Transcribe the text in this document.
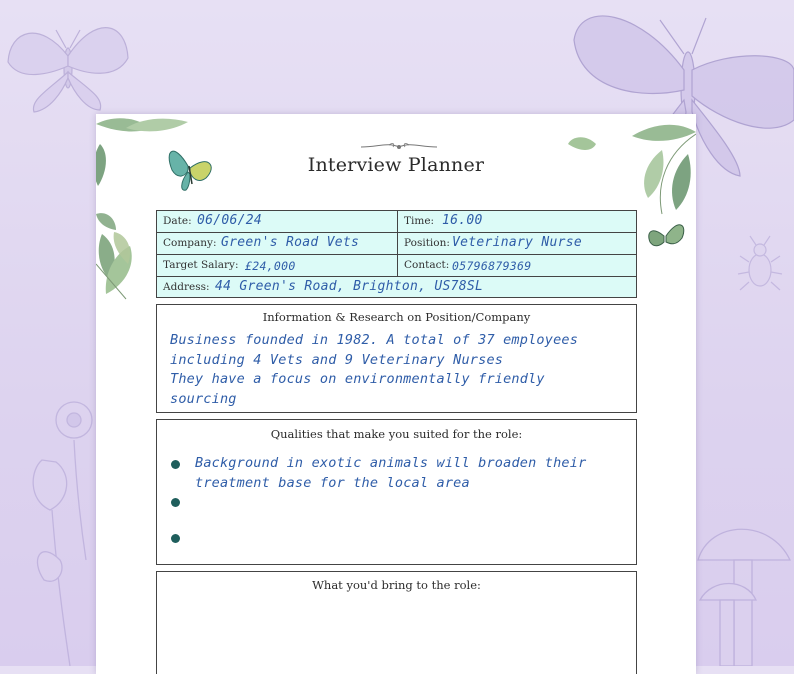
Interview Planner
Date: 06/06/24	Time: 16.00
Company: Green's Road Vets	Position: Veterinary Nurse
Target Salary: £24,000	Contact: 05796879369
Address: 44 Green's Road, Brighton, US78SL
Information & Research on Position/Company
Business founded in 1982. A total of 37 employees
including 4 Vets and 9 Veterinary Nurses
They have a focus on environmentally friendly
sourcing
Qualities that make you suited for the role:
Background in exotic animals will broaden their
treatment base for the local area
What you'd bring to the role:
